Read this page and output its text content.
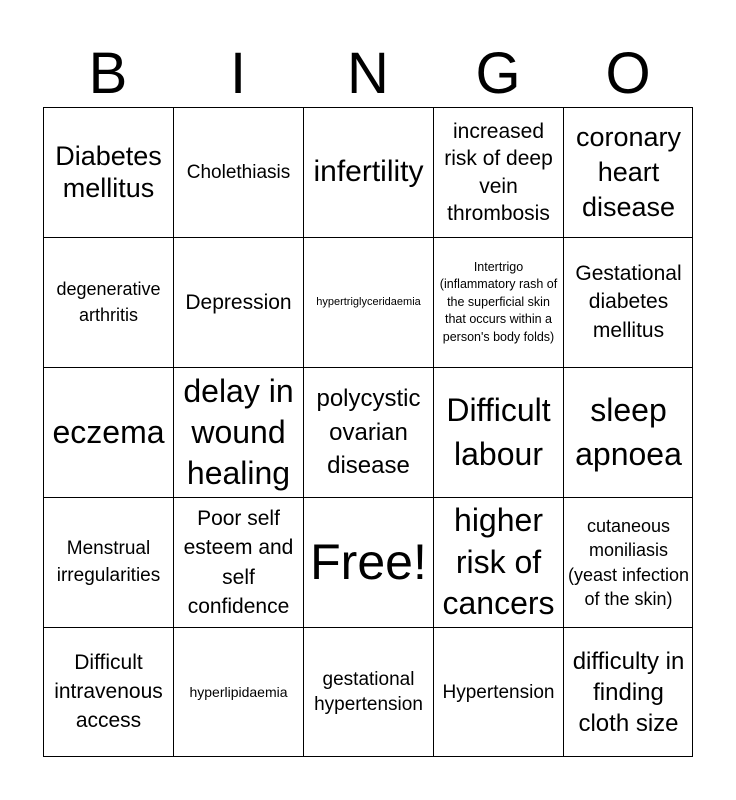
B	I	N	G	O
Diabetes mellitus
Cholethiasis infertility
increased risk of deep vein thrombosis
coronary heart disease
degenerative arthritis
Depression hypertriglyceridaemia
Intertrigo (inflammatory rash of the superficial skin that occurs within a person's body folds)
Gestational diabetes mellitus
eczema
delay in wound healing
polycystic ovarian disease
Difficult labour
sleep apnoea
Menstrual irregularities
Poor self esteem and self confidence
Free!
higher risk of cancers
cutaneous moniliasis (yeast infection of the skin)
Difficult intravenous access
hyperlipidaemia
gestational hypertension
Hypertension
difficulty in finding cloth size
